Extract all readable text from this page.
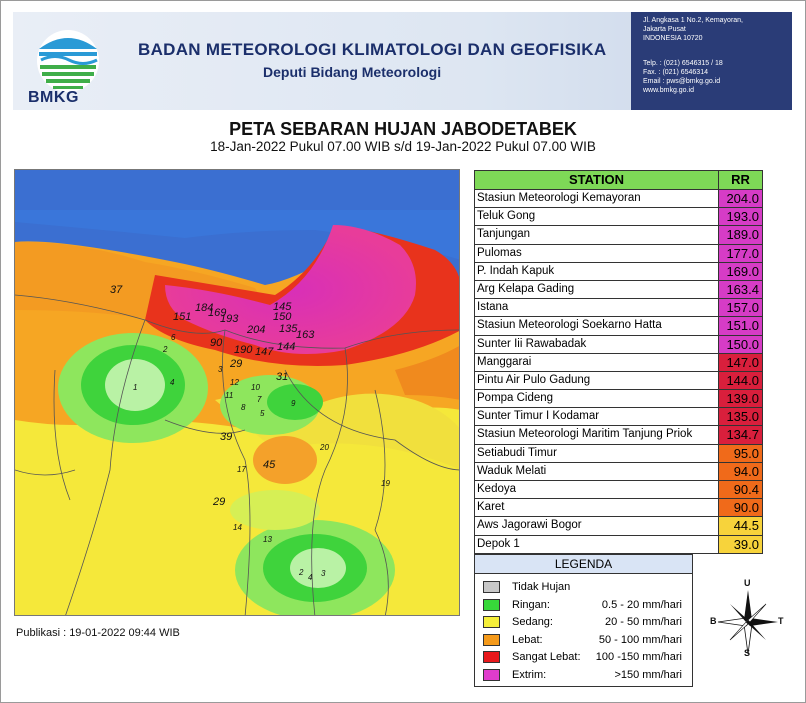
BMKG
BADAN METEOROLOGI KLIMATOLOGI DAN GEOFISIKA
Deputi Bidang Meteorologi
Jl. Angkasa 1 No.2, Kemayoran,
Jakarta Pusat
INDONESIA 10720
Telp. : (021) 6546315 / 18
Fax. : (021) 6546314
Email : pws@bmkg.go.id
www.bmkg.go.id
PETA SEBARAN HUJAN JABODETABEK
18-Jan-2022 Pukul 07.00 WIB s/d 19-Jan-2022 Pukul 07.00 WIB
37
151
184
169
193
145
150
135
90
204
147
163
190 144
6
2
1
4
3 29
31
10
12
11	7	9
8
5
39
20
17 45
19
29
14
13
2
4 3
Publikasi : 19-01-2022 09:44 WIB
STATION	RR
Stasiun Meteorologi Kemayoran	204.0
Teluk Gong	193.0
Tanjungan	189.0
Pulomas	177.0
P. Indah Kapuk	169.0
Arg Kelapa Gading	163.4
Istana	157.0
Stasiun Meteorologi Soekarno Hatta	151.0
Sunter Iii Rawabadak	150.0
Manggarai	147.0
Pintu Air Pulo Gadung	144.0
Pompa Cideng	139.0
Sunter Timur I Kodamar	135.0
Stasiun Meteorologi Maritim Tanjung Priok	134.7
Setiabudi Timur	95.0
Waduk Melati	94.0
Kedoya	90.4
Karet	90.0
Aws Jagorawi Bogor	44.5
Depok 1	39.0
LEGENDA
Tidak Hujan
Ringan:	0.5 - 20 mm/hari
Sedang:	20 - 50 mm/hari
Lebat:	50 - 100 mm/hari
Sangat Lebat: 100 -150 mm/hari
Extrim:	>150 mm/hari
U
S
B	T
